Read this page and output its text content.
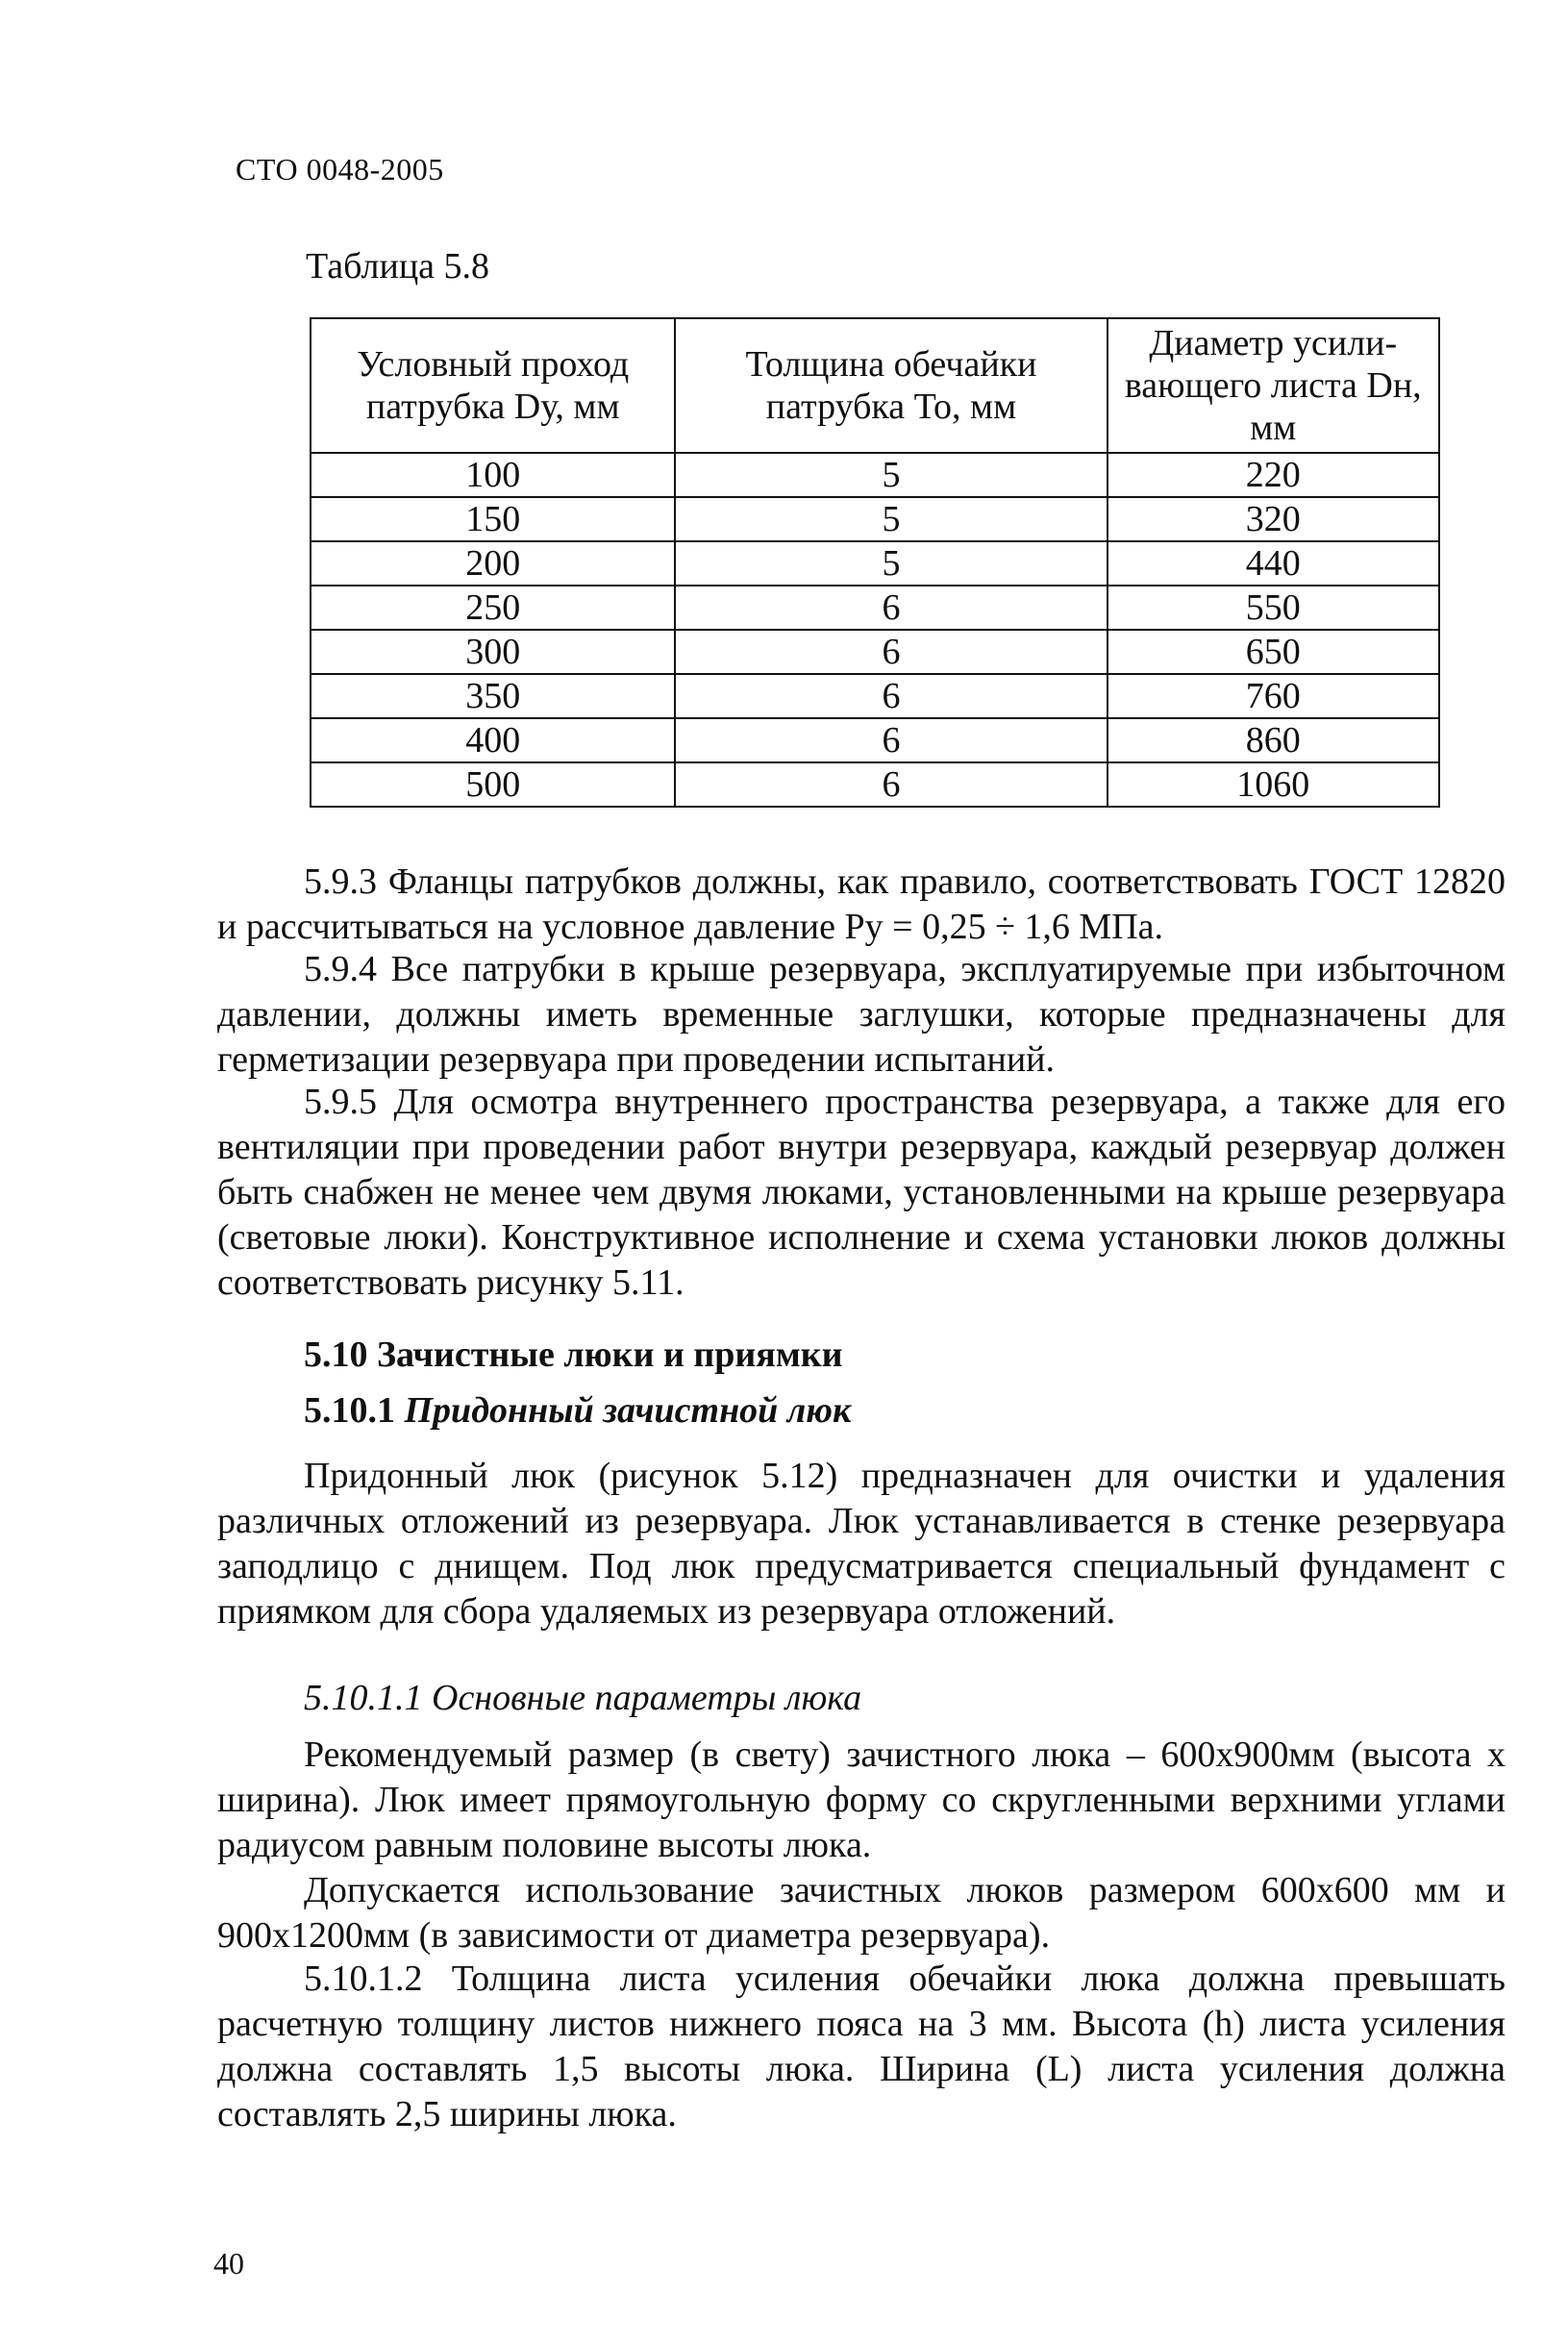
СТО 0048-2005
Таблица 5.8
Условный проход патрубка Dу, мм	Толщина обечайки патрубка То, мм	Диаметр усили-вающего листа Dн, мм
100	5	220
150	5	320
200	5	440
250	6	550
300	6	650
350	6	760
400	6	860
500	6	1060
5.9.3 Фланцы патрубков должны, как правило, соответствовать ГОСТ 12820 и рассчитываться на условное давление Pу = 0,25 ÷ 1,6 МПа.
5.9.4 Все патрубки в крыше резервуара, эксплуатируемые при избыточном давлении, должны иметь временные заглушки, которые предназначены для герметизации резервуара при проведении испытаний.
5.9.5 Для осмотра внутреннего пространства резервуара, а также для его вентиляции при проведении работ внутри резервуара, каждый резервуар должен быть снабжен не менее чем двумя люками, установленными на крыше резервуара (световые люки). Конструктивное исполнение и схема установки люков должны соответствовать рисунку 5.11.
5.10 Зачистные люки и приямки
5.10.1 Придонный зачистной люк
Придонный люк (рисунок 5.12) предназначен для очистки и удаления различных отложений из резервуара. Люк устанавливается в стенке резервуара заподлицо с днищем. Под люк предусматривается специальный фундамент с приямком для сбора удаляемых из резервуара отложений.
5.10.1.1 Основные параметры люка
Рекомендуемый размер (в свету) зачистного люка – 600х900мм (высота х ширина). Люк имеет прямоугольную форму со скругленными верхними углами радиусом равным половине высоты люка.
Допускается использование зачистных люков размером 600х600 мм и 900х1200мм (в зависимости от диаметра резервуара).
5.10.1.2 Толщина листа усиления обечайки люка должна превышать расчетную толщину листов нижнего пояса на 3 мм. Высота (h) листа усиления должна составлять 1,5 высоты люка. Ширина (L) листа усиления должна составлять 2,5 ширины люка.
40
